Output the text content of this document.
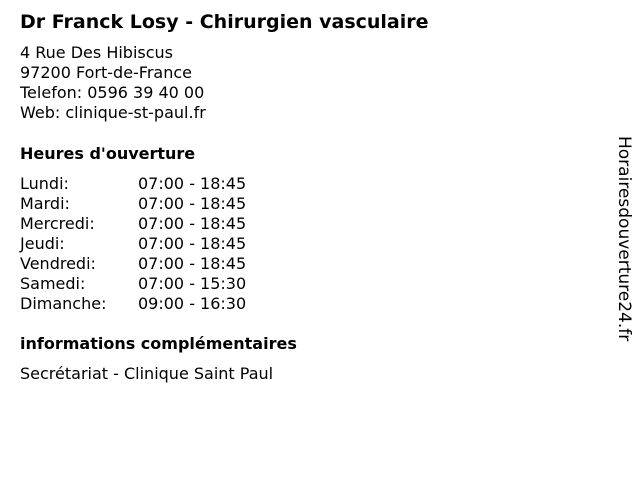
Dr Franck Losy - Chirurgien vasculaire
4 Rue Des Hibiscus
97200 Fort-de-France
Telefon: 0596 39 40 00
Web: clinique-st-paul.fr
Heures d'ouverture
Lundi:	07:00 - 18:45
Mardi:	07:00 - 18:45
Mercredi:	07:00 - 18:45
Jeudi:	07:00 - 18:45
Vendredi:	07:00 - 18:45
Samedi:	07:00 - 15:30
Dimanche: 09:00 - 16:30
informations complémentaires
Secrétariat - Clinique Saint Paul
Horairesdouverture24.fr
